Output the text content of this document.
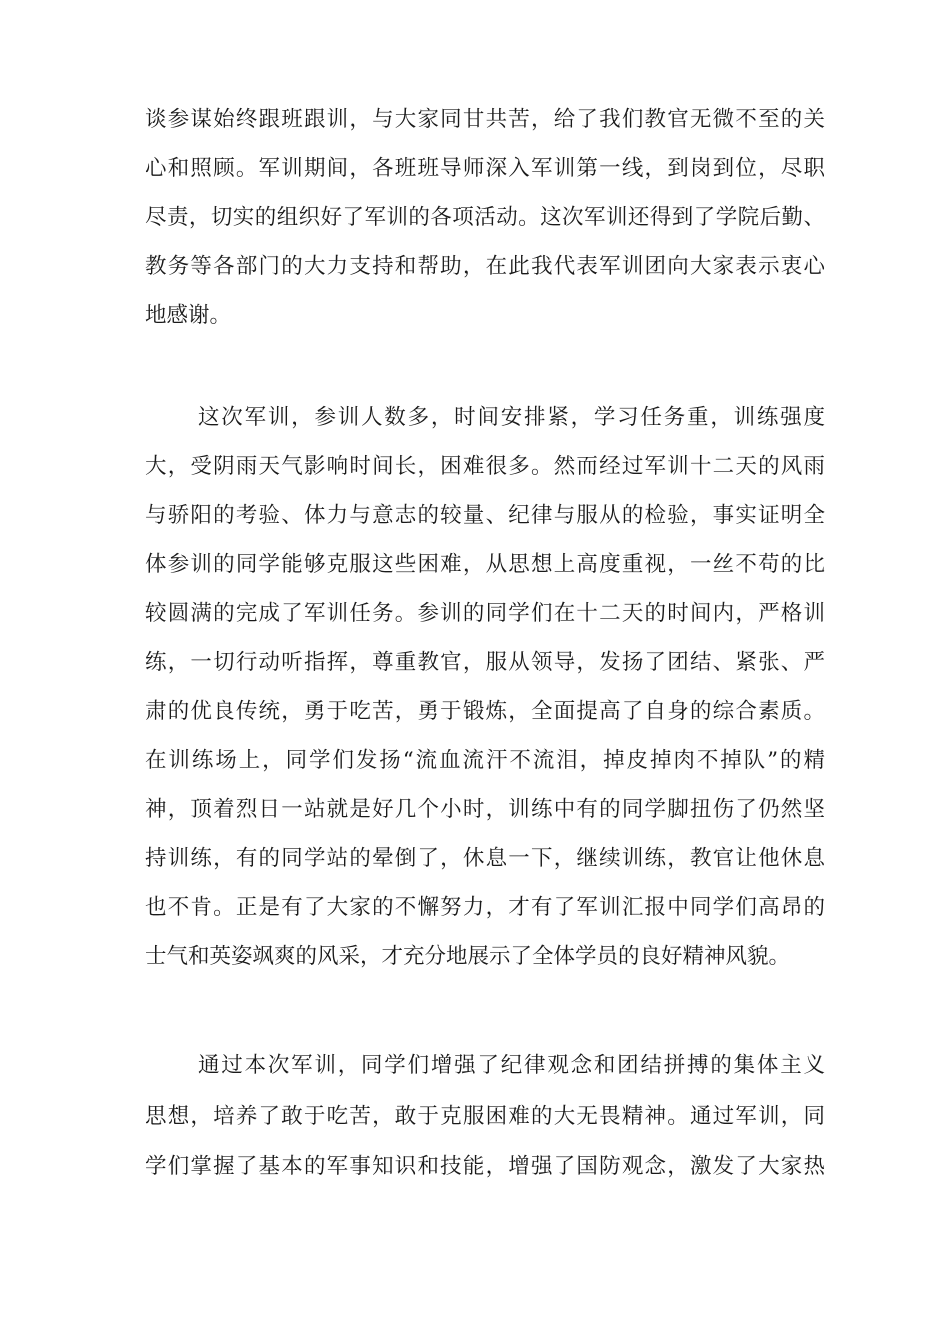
谈参谋始终跟班跟训，与大家同甘共苦，给了我们教官无微不至的关
心和照顾。军训期间，各班班导师深入军训第一线，到岗到位，尽职
尽责，切实的组织好了军训的各项活动。这次军训还得到了学院后勤、
教务等各部门的大力支持和帮助，在此我代表军训团向大家表示衷心
地感谢。
这次军训，参训人数多，时间安排紧，学习任务重，训练强度
大，受阴雨天气影响时间长，困难很多。然而经过军训十二天的风雨
与骄阳的考验、体力与意志的较量、纪律与服从的检验，事实证明全
体参训的同学能够克服这些困难，从思想上高度重视，一丝不苟的比
较圆满的完成了军训任务。参训的同学们在十二天的时间内，严格训
练，一切行动听指挥，尊重教官，服从领导，发扬了团结、紧张、严
肃的优良传统，勇于吃苦，勇于锻炼，全面提高了自身的综合素质。
在训练场上，同学们发扬“流血流汗不流泪，掉皮掉肉不掉队”的精
神，顶着烈日一站就是好几个小时，训练中有的同学脚扭伤了仍然坚
持训练，有的同学站的晕倒了，休息一下，继续训练，教官让他休息
也不肯。正是有了大家的不懈努力，才有了军训汇报中同学们高昂的
士气和英姿飒爽的风采，才充分地展示了全体学员的良好精神风貌。
通过本次军训，同学们增强了纪律观念和团结拼搏的集体主义
思想，培养了敢于吃苦，敢于克服困难的大无畏精神。通过军训，同
学们掌握了基本的军事知识和技能，增强了国防观念，激发了大家热
